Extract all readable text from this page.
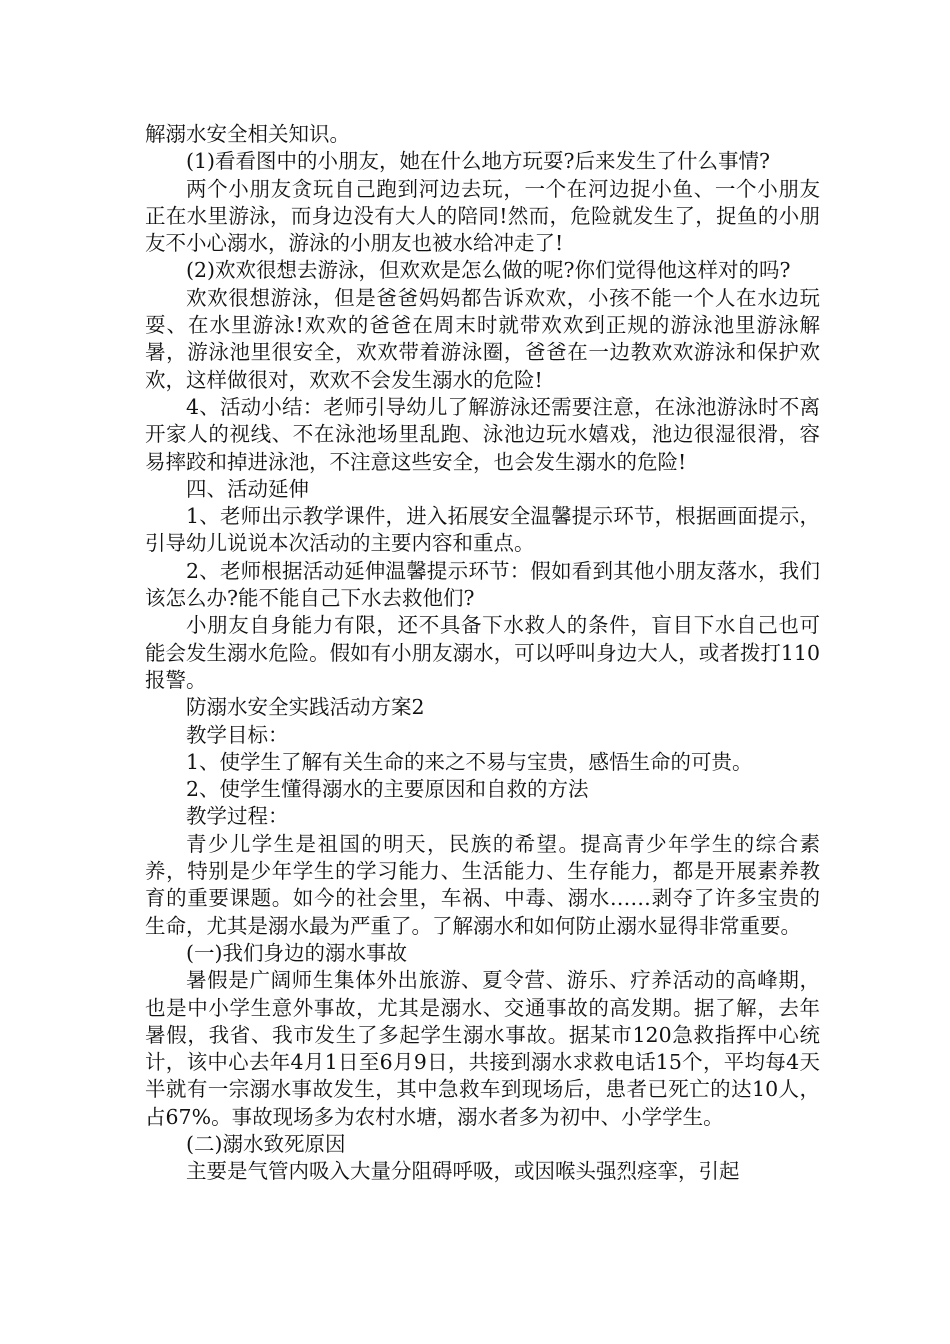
解溺水安全相关知识。

(1)看看图中的小朋友，她在什么地方玩耍?后来发生了什么事情?

两个小朋友贪玩自己跑到河边去玩，一个在河边捉小鱼、一个小朋友正在水里游泳，而身边没有大人的陪同!然而，危险就发生了，捉鱼的小朋友不小心溺水，游泳的小朋友也被水给冲走了!

(2)欢欢很想去游泳，但欢欢是怎么做的呢?你们觉得他这样对的吗?

欢欢很想游泳，但是爸爸妈妈都告诉欢欢，小孩不能一个人在水边玩耍、在水里游泳!欢欢的爸爸在周末时就带欢欢到正规的游泳池里游泳解暑，游泳池里很安全，欢欢带着游泳圈，爸爸在一边教欢欢游泳和保护欢欢，这样做很对，欢欢不会发生溺水的危险!

4、活动小结：老师引导幼儿了解游泳还需要注意，在泳池游泳时不离开家人的视线、不在泳池场里乱跑、泳池边玩水嬉戏，池边很湿很滑，容易摔跤和掉进泳池，不注意这些安全，也会发生溺水的危险!

四、活动延伸

1、老师出示教学课件，进入拓展安全温馨提示环节，根据画面提示，引导幼儿说说本次活动的主要内容和重点。

2、老师根据活动延伸温馨提示环节：假如看到其他小朋友落水，我们该怎么办?能不能自己下水去救他们?

小朋友自身能力有限，还不具备下水救人的条件，盲目下水自己也可能会发生溺水危险。假如有小朋友溺水，可以呼叫身边大人，或者拨打110报警。

防溺水安全实践活动方案2

教学目标：

1、使学生了解有关生命的来之不易与宝贵，感悟生命的可贵。

2、使学生懂得溺水的主要原因和自救的方法

教学过程：

青少儿学生是祖国的明天，民族的希望。提高青少年学生的综合素养，特别是少年学生的学习能力、生活能力、生存能力，都是开展素养教育的重要课题。如今的社会里，车祸、中毒、溺水……剥夺了许多宝贵的生命，尤其是溺水最为严重了。了解溺水和如何防止溺水显得非常重要。

(一)我们身边的溺水事故

暑假是广阔师生集体外出旅游、夏令营、游乐、疗养活动的高峰期，也是中小学生意外事故，尤其是溺水、交通事故的高发期。据了解，去年暑假，我省、我市发生了多起学生溺水事故。据某市120急救指挥中心统计，该中心去年4月1日至6月9日，共接到溺水求救电话15个，平均每4天半就有一宗溺水事故发生，其中急救车到现场后，患者已死亡的达10人，占67%。事故现场多为农村水塘，溺水者多为初中、小学学生。

(二)溺水致死原因

主要是气管内吸入大量分阻碍呼吸，或因喉头强烈痉挛，引起
